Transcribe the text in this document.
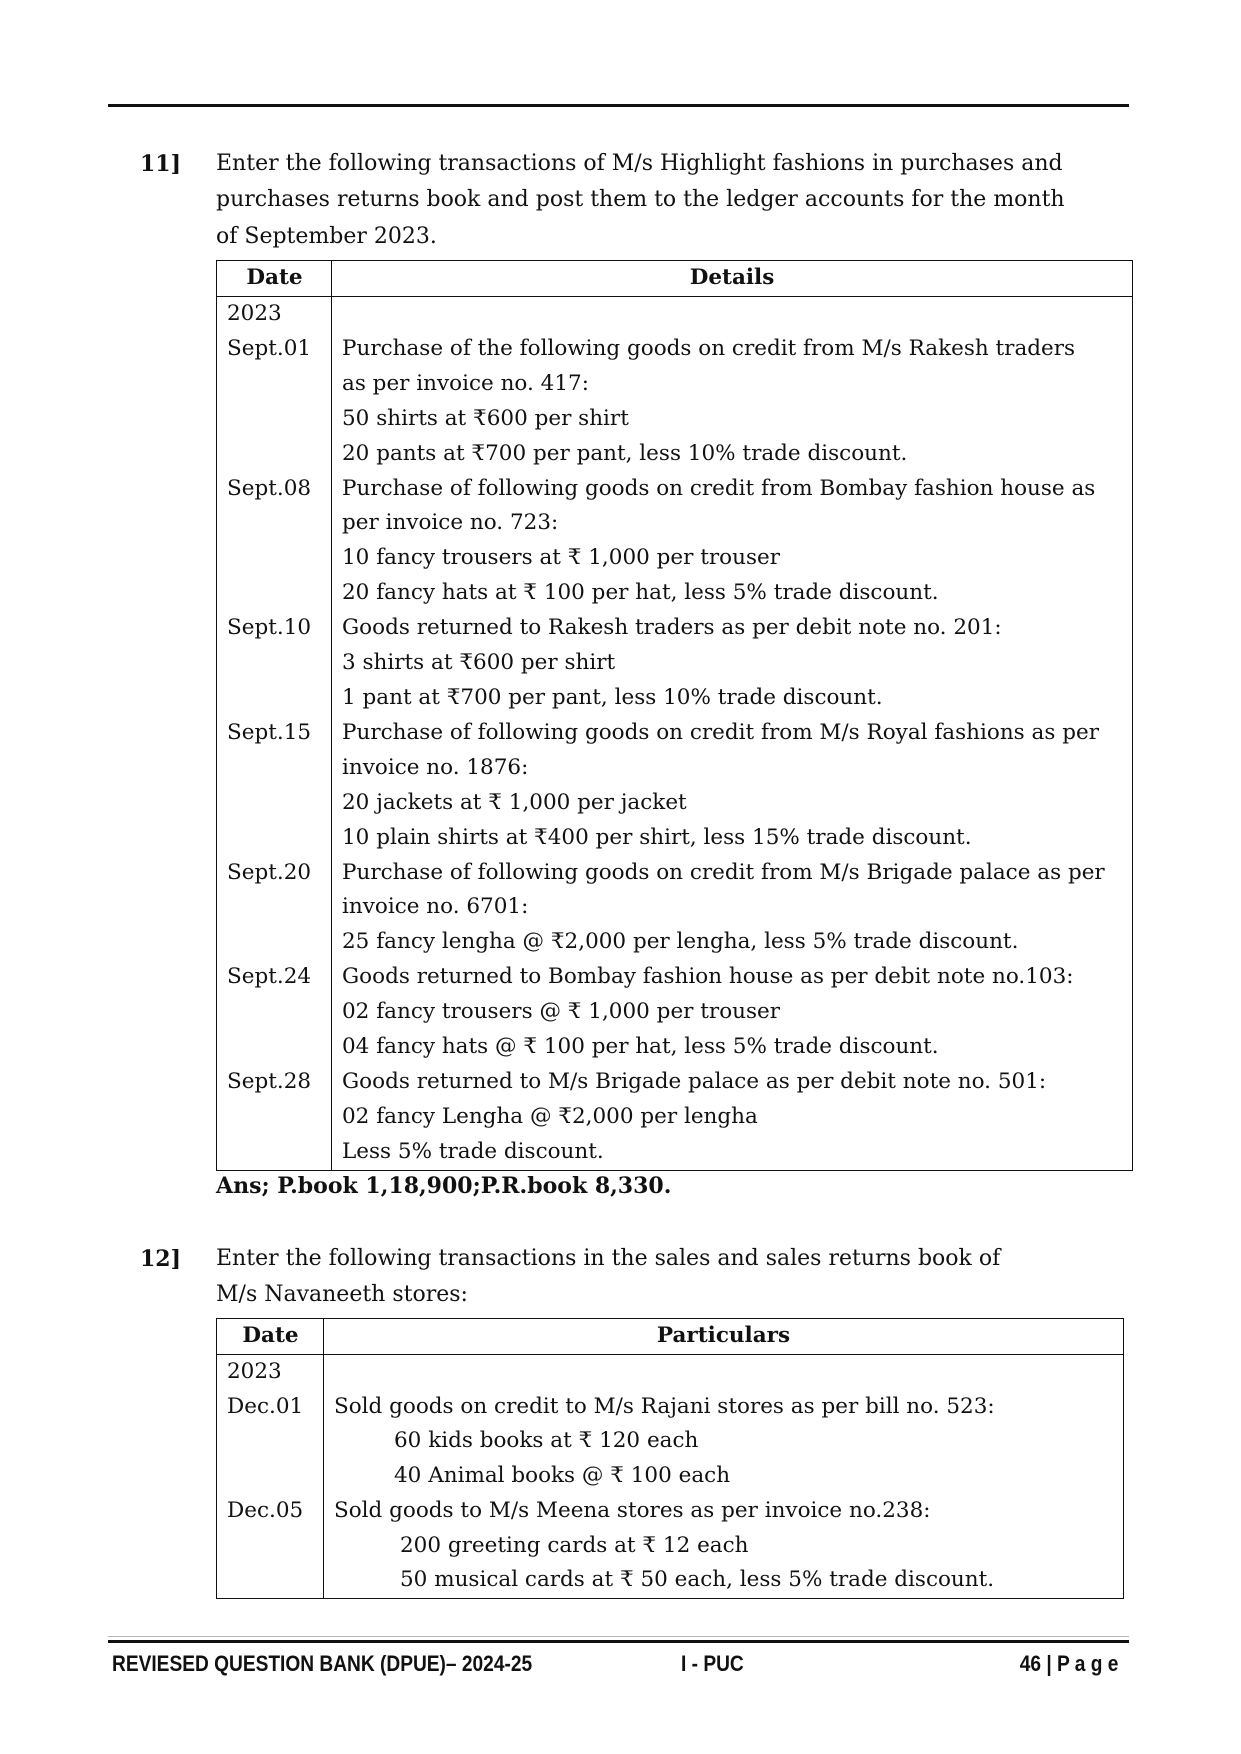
11] Enter the following transactions of M/s Highlight fashions in purchases and
purchases returns book and post them to the ledger accounts for the month
of September 2023.
Date	Details
2023
Sept.01	Purchase of the following goods on credit from M/s Rakesh traders
as per invoice no. 417:
50 shirts at ₹600 per shirt
20 pants at ₹700 per pant, less 10% trade discount.
Sept.08	Purchase of following goods on credit from Bombay fashion house as
per invoice no. 723:
10 fancy trousers at ₹ 1,000 per trouser
20 fancy hats at ₹ 100 per hat, less 5% trade discount.
Sept.10	Goods returned to Rakesh traders as per debit note no. 201:
3 shirts at ₹600 per shirt
1 pant at ₹700 per pant, less 10% trade discount.
Sept.15	Purchase of following goods on credit from M/s Royal fashions as per
invoice no. 1876:
20 jackets at ₹ 1,000 per jacket
10 plain shirts at ₹400 per shirt, less 15% trade discount.
Sept.20	Purchase of following goods on credit from M/s Brigade palace as per
invoice no. 6701:
25 fancy lengha @ ₹2,000 per lengha, less 5% trade discount.
Sept.24	Goods returned to Bombay fashion house as per debit note no.103:
02 fancy trousers @ ₹ 1,000 per trouser
04 fancy hats @ ₹ 100 per hat, less 5% trade discount.
Sept.28	Goods returned to M/s Brigade palace as per debit note no. 501:
02 fancy Lengha @ ₹2,000 per lengha
Less 5% trade discount.
Ans; P.book 1,18,900;P.R.book 8,330.
12] Enter the following transactions in the sales and sales returns book of
M/s Navaneeth stores:
Date	Particulars
2023
Dec.01	Sold goods on credit to M/s Rajani stores as per bill no. 523:
60 kids books at ₹ 120 each
40 Animal books @ ₹ 100 each
Dec.05	Sold goods to M/s Meena stores as per invoice no.238:
200 greeting cards at ₹ 12 each
50 musical cards at ₹ 50 each, less 5% trade discount.
REVIESED QUESTION BANK (DPUE)– 2024-25	I - PUC	46 | P a g e
